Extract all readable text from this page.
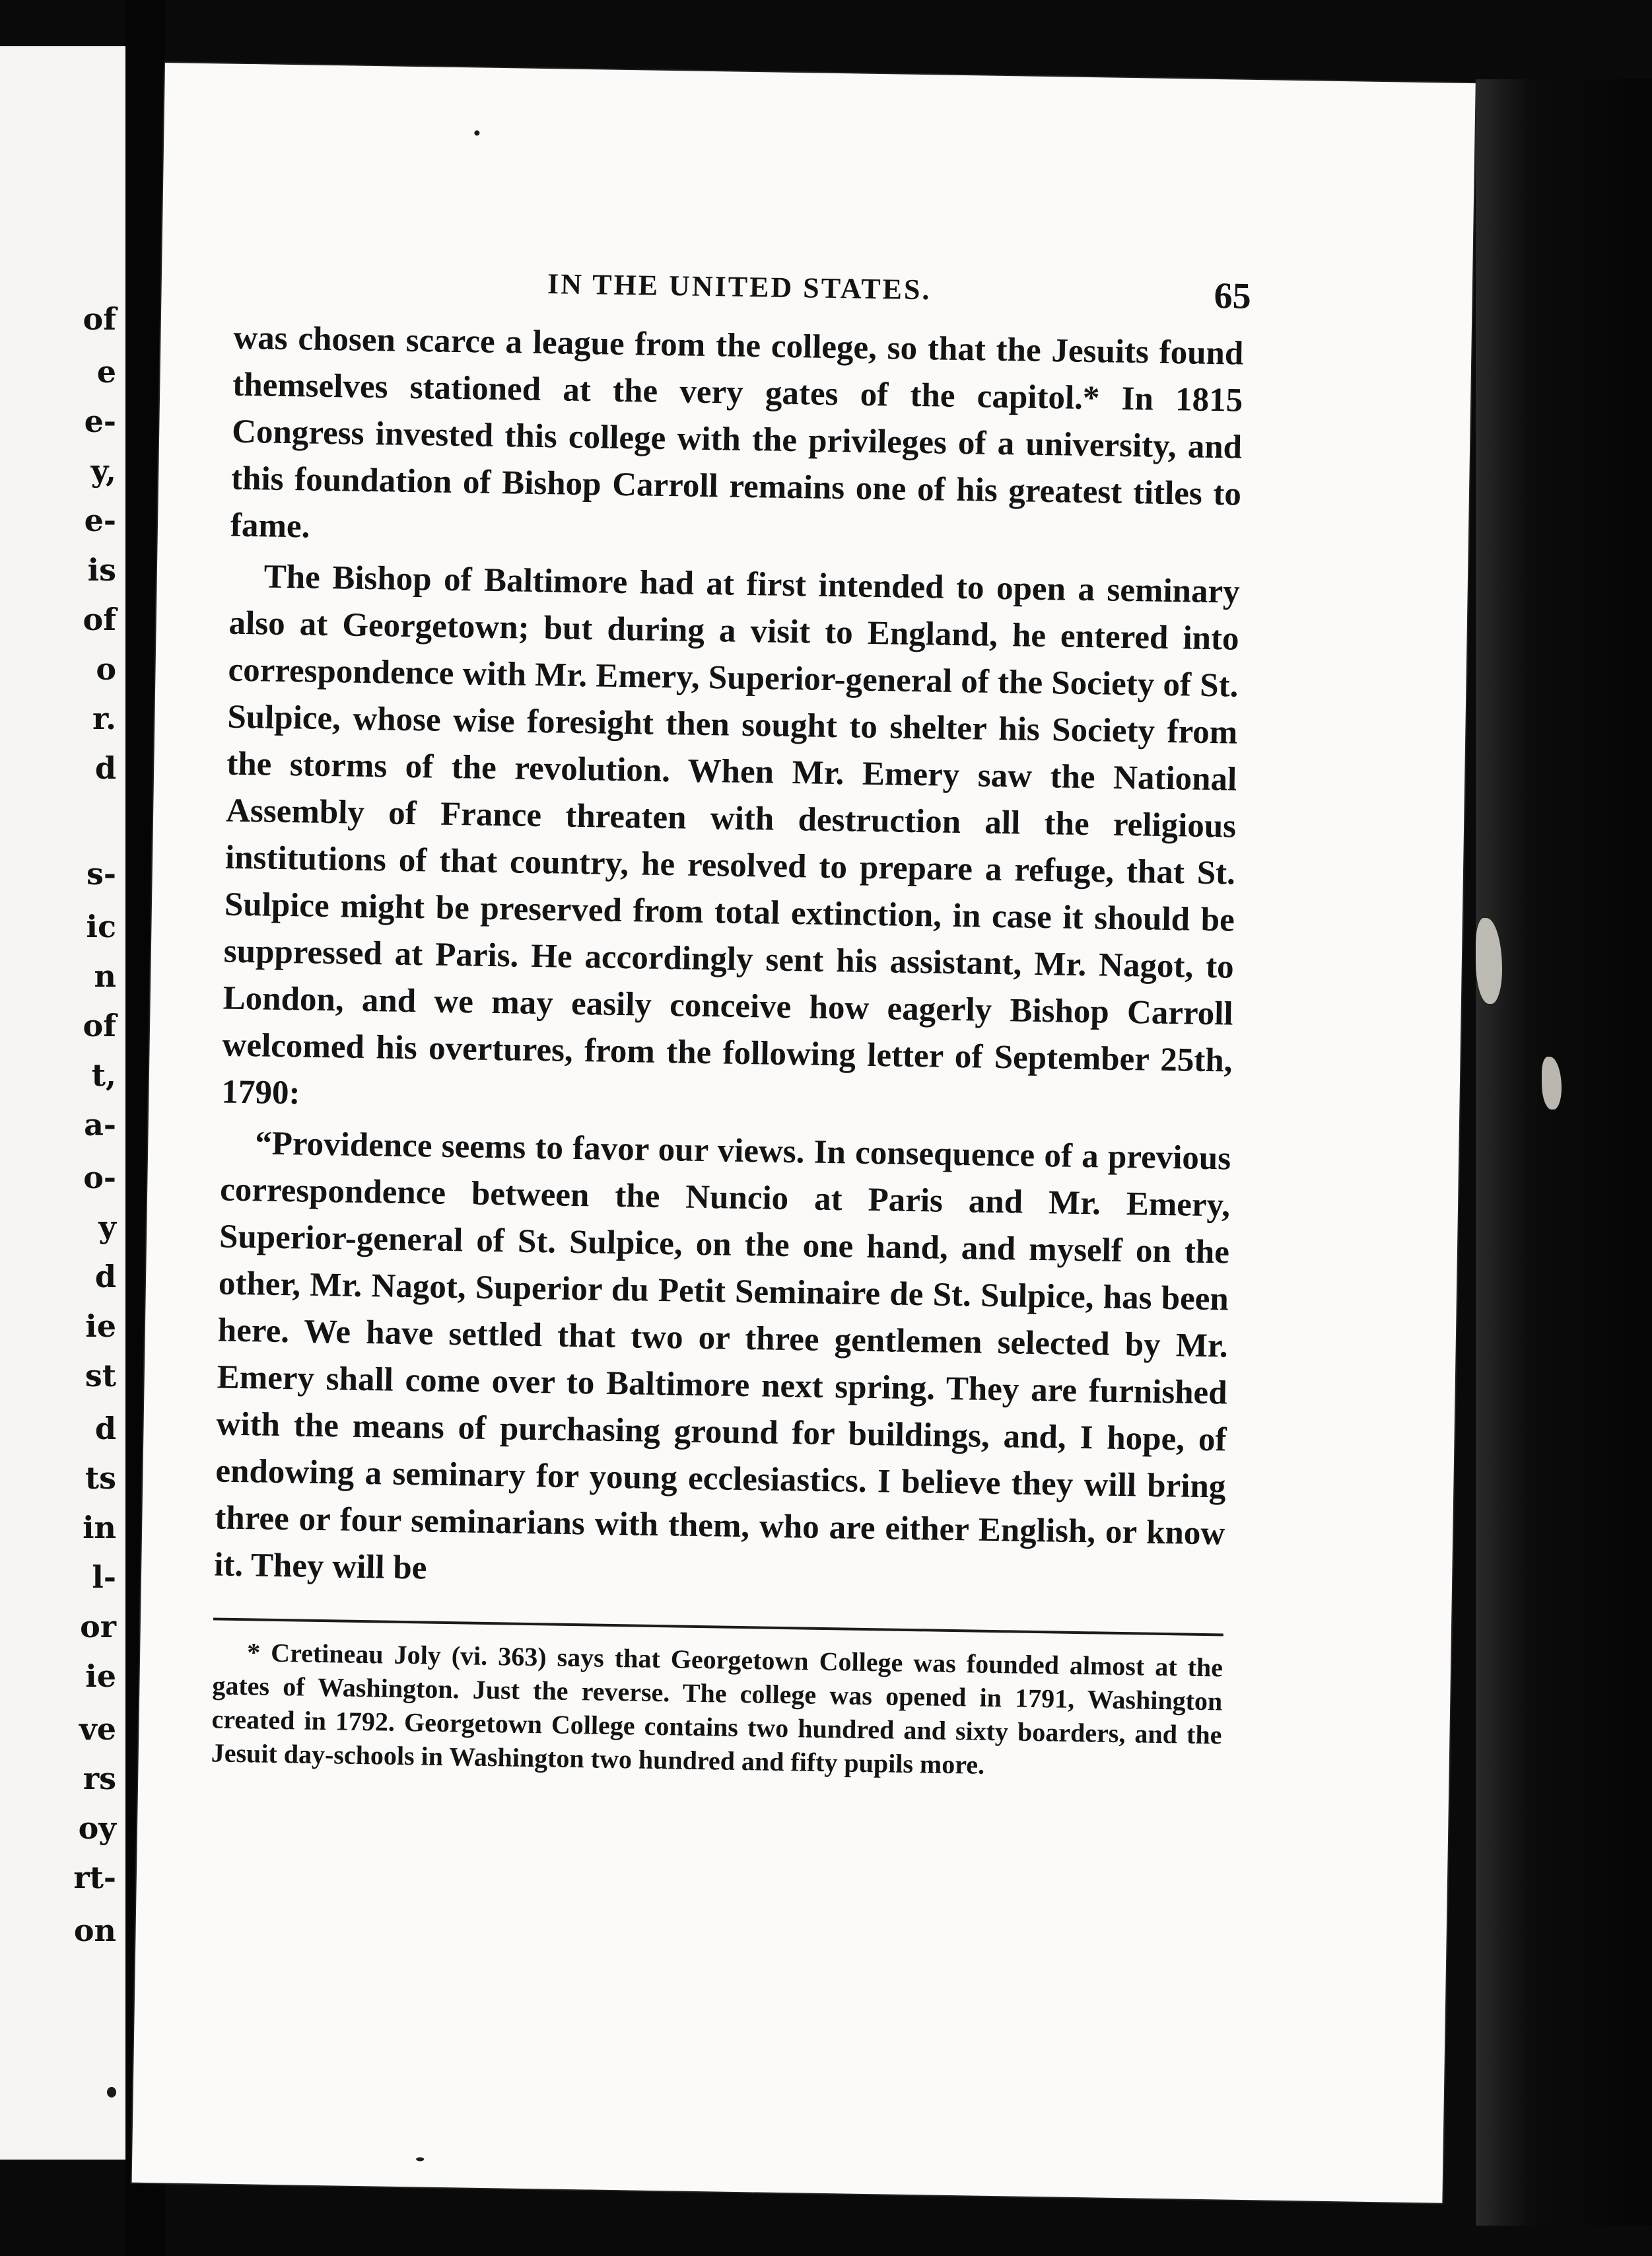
of
e
e-
y,
e-
is
of
o
r.
d
s-
ic
n
of
t,
a-
o-
y
d
ie
st
d
ts
in
l-
or
ie
ve
rs
oy
rt-
on
IN THE UNITED STATES.	65

was chosen scarce a league from the college, so that the Jesuits found themselves stationed at the very gates of the capitol.* In 1815 Congress invested this college with the privileges of a university, and this foundation of Bishop Carroll remains one of his greatest titles to fame.

The Bishop of Baltimore had at first intended to open a seminary also at Georgetown; but during a visit to England, he entered into correspondence with Mr. Emery, Superior-general of the Society of St. Sulpice, whose wise foresight then sought to shelter his Society from the storms of the revolution. When Mr. Emery saw the National Assembly of France threaten with destruction all the religious institutions of that country, he resolved to prepare a refuge, that St. Sulpice might be preserved from total extinction, in case it should be suppressed at Paris. He accordingly sent his assistant, Mr. Nagot, to London, and we may easily conceive how eagerly Bishop Carroll welcomed his overtures, from the following letter of September 25th, 1790:

“Providence seems to favor our views. In consequence of a previous correspondence between the Nuncio at Paris and Mr. Emery, Superior-general of St. Sulpice, on the one hand, and myself on the other, Mr. Nagot, Superior du Petit Seminaire de St. Sulpice, has been here. We have settled that two or three gentlemen selected by Mr. Emery shall come over to Baltimore next spring. They are furnished with the means of purchasing ground for buildings, and, I hope, of endowing a seminary for young ecclesiastics. I believe they will bring three or four seminarians with them, who are either English, or know it. They will be

* Cretineau Joly (vi. 363) says that Georgetown College was founded almost at the gates of Washington. Just the reverse. The college was opened in 1791, Washington created in 1792. Georgetown College contains two hundred and sixty boarders, and the Jesuit day-schools in Washington two hundred and fifty pupils more.
